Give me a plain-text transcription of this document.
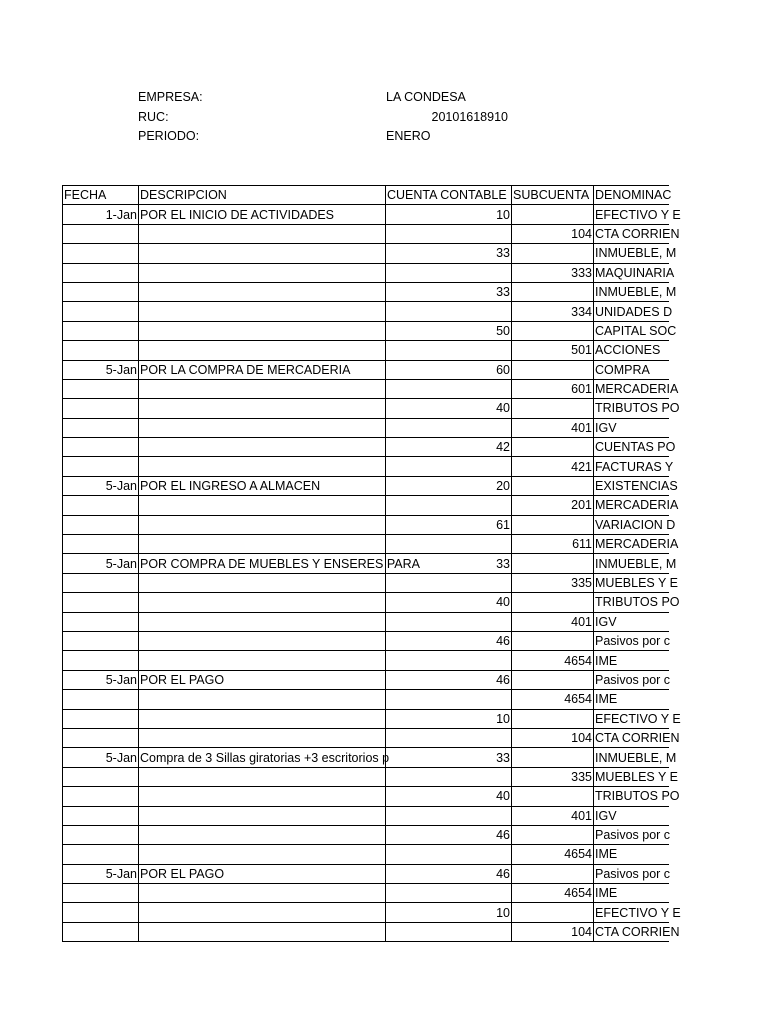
EMPRESA:	LA CONDESA
RUC:	20101618910
PERIODO:	ENERO
FECHA	DESCRIPCION	CUENTA CONTABLE	SUBCUENTA	DENOMINAC
1-Jan	POR EL INICIO DE ACTIVIDADES	10		EFECTIVO Y E
			104	CTA CORRIEN
		33		INMUEBLE, M
			333	MAQUINARIA
		33		INMUEBLE, M
			334	UNIDADES D
		50		CAPITAL SOC
			501	ACCIONES
5-Jan	POR LA COMPRA DE MERCADERIA	60		COMPRA
			601	MERCADERIA
		40		TRIBUTOS PO
			401	IGV
		42		CUENTAS PO
			421	FACTURAS Y
5-Jan	POR EL INGRESO A ALMACEN	20		EXISTENCIAS
			201	MERCADERIA
		61		VARIACION D
			611	MERCADERIA
5-Jan	POR COMPRA DE MUEBLES Y ENSERES PARA	33		INMUEBLE, M
			335	MUEBLES Y E
		40		TRIBUTOS PO
			401	IGV
		46		Pasivos por c
			4654	IME
5-Jan	POR EL PAGO	46		Pasivos por c
			4654	IME
		10		EFECTIVO Y E
			104	CTA CORRIEN
5-Jan	Compra de 3 Sillas giratorias +3 escritorios p	33		INMUEBLE, M
			335	MUEBLES Y E
		40		TRIBUTOS PO
			401	IGV
		46		Pasivos por c
			4654	IME
5-Jan	POR EL PAGO	46		Pasivos por c
			4654	IME
		10		EFECTIVO Y E
			104	CTA CORRIEN
